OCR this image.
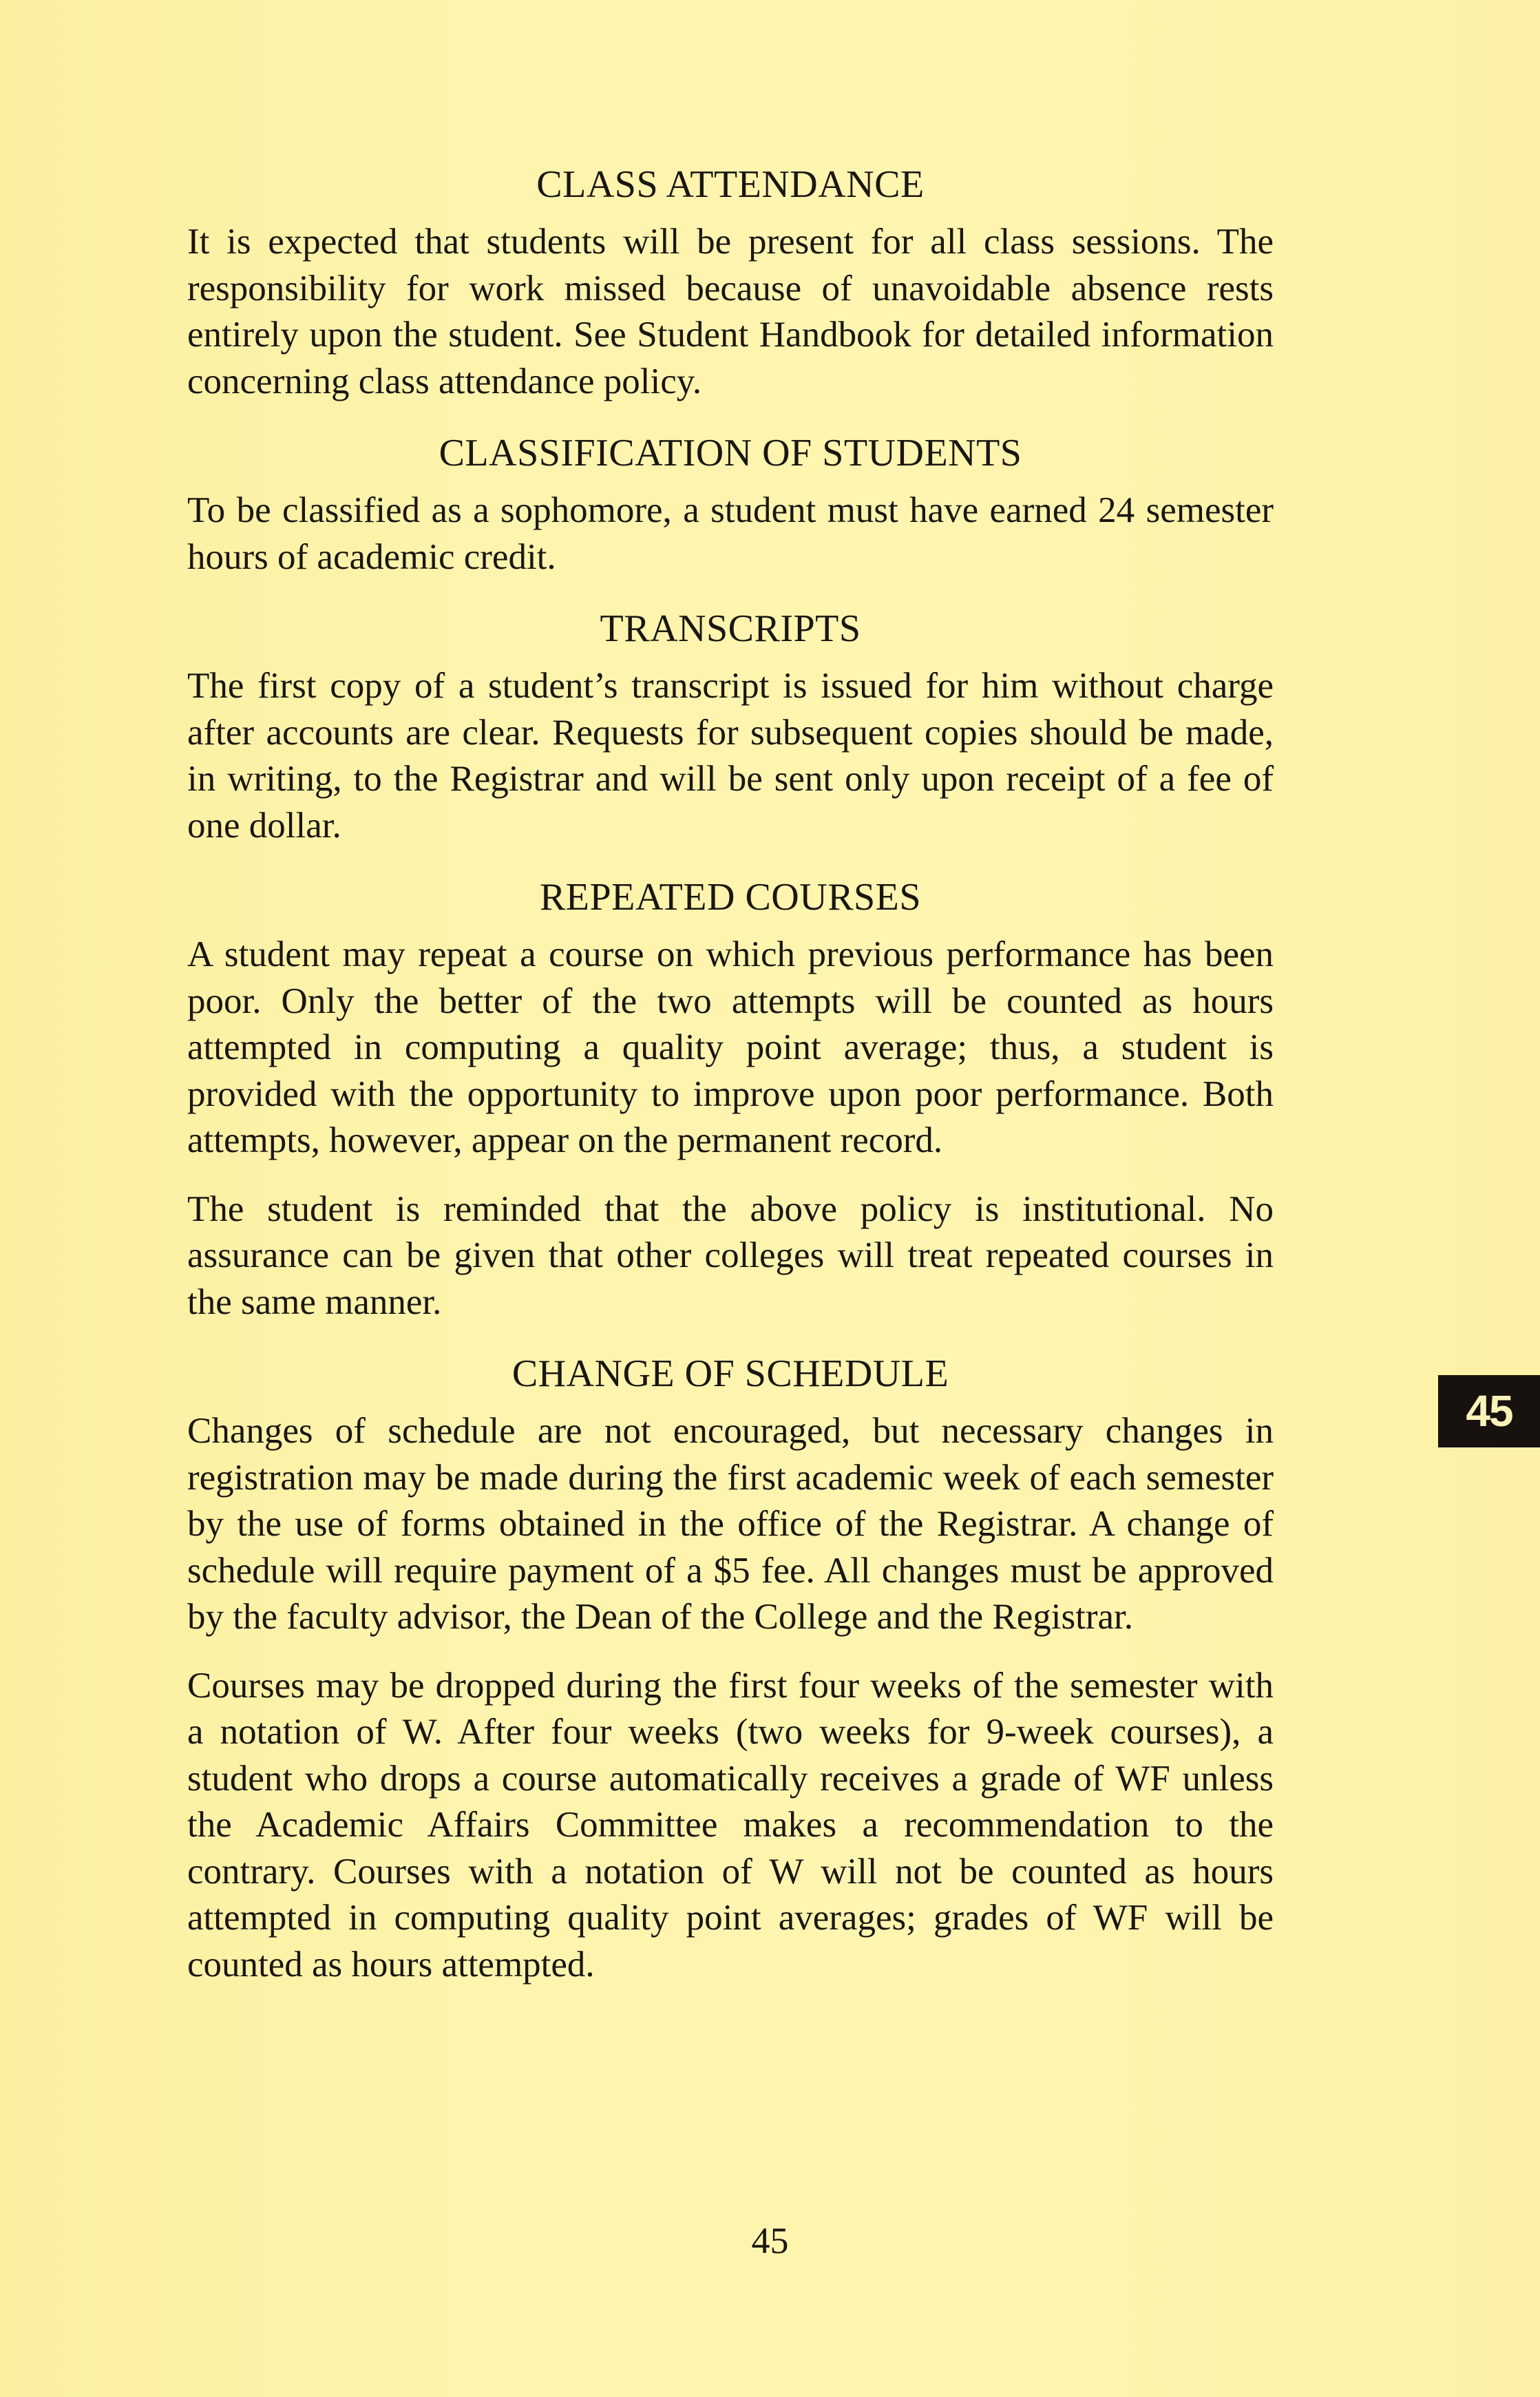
CLASS ATTENDANCE

It is expected that students will be present for all class sessions. The responsibility for work missed because of unavoidable absence rests entirely upon the student. See Student Handbook for detailed information concerning class attendance policy.

CLASSIFICATION OF STUDENTS

To be classified as a sophomore, a student must have earned 24 semester hours of academic credit.

TRANSCRIPTS

The first copy of a student’s transcript is issued for him without charge after accounts are clear. Requests for subsequent copies should be made, in writing, to the Registrar and will be sent only upon receipt of a fee of one dollar.

REPEATED COURSES

A student may repeat a course on which previous performance has been poor. Only the better of the two attempts will be counted as hours attempted in computing a quality point average; thus, a student is provided with the opportunity to improve upon poor performance. Both attempts, however, appear on the permanent record.

The student is reminded that the above policy is institutional. No assurance can be given that other colleges will treat repeated courses in the same manner.

CHANGE OF SCHEDULE

Changes of schedule are not encouraged, but necessary changes in registration may be made during the first academic week of each semester by the use of forms obtained in the office of the Registrar. A change of schedule will require payment of a $5 fee. All changes must be approved by the faculty advisor, the Dean of the College and the Registrar.

Courses may be dropped during the first four weeks of the semester with a notation of W. After four weeks (two weeks for 9-week courses), a student who drops a course automatically receives a grade of WF unless the Academic Affairs Committee makes a recommendation to the contrary. Courses with a notation of W will not be counted as hours attempted in computing quality point averages; grades of WF will be counted as hours attempted.

45
45
